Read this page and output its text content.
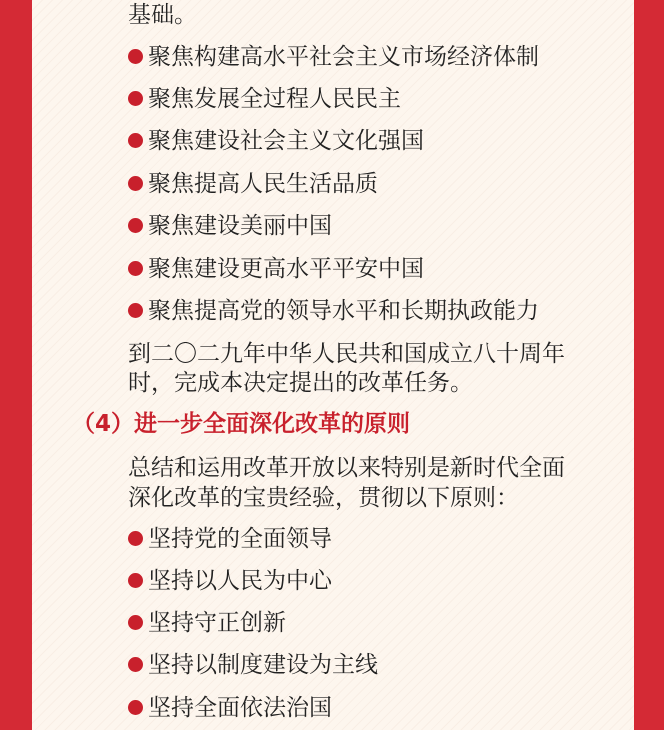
基础。
聚焦构建高水平社会主义市场经济体制
聚焦发展全过程人民民主
聚焦建设社会主义文化强国
聚焦提高人民生活品质
聚焦建设美丽中国
聚焦建设更高水平平安中国
聚焦提高党的领导水平和长期执政能力
到二〇二九年中华人民共和国成立八十周年
时，完成本决定提出的改革任务。
（4）进一步全面深化改革的原则
总结和运用改革开放以来特别是新时代全面
深化改革的宝贵经验，贯彻以下原则：
坚持党的全面领导
坚持以人民为中心
坚持守正创新
坚持以制度建设为主线
坚持全面依法治国
